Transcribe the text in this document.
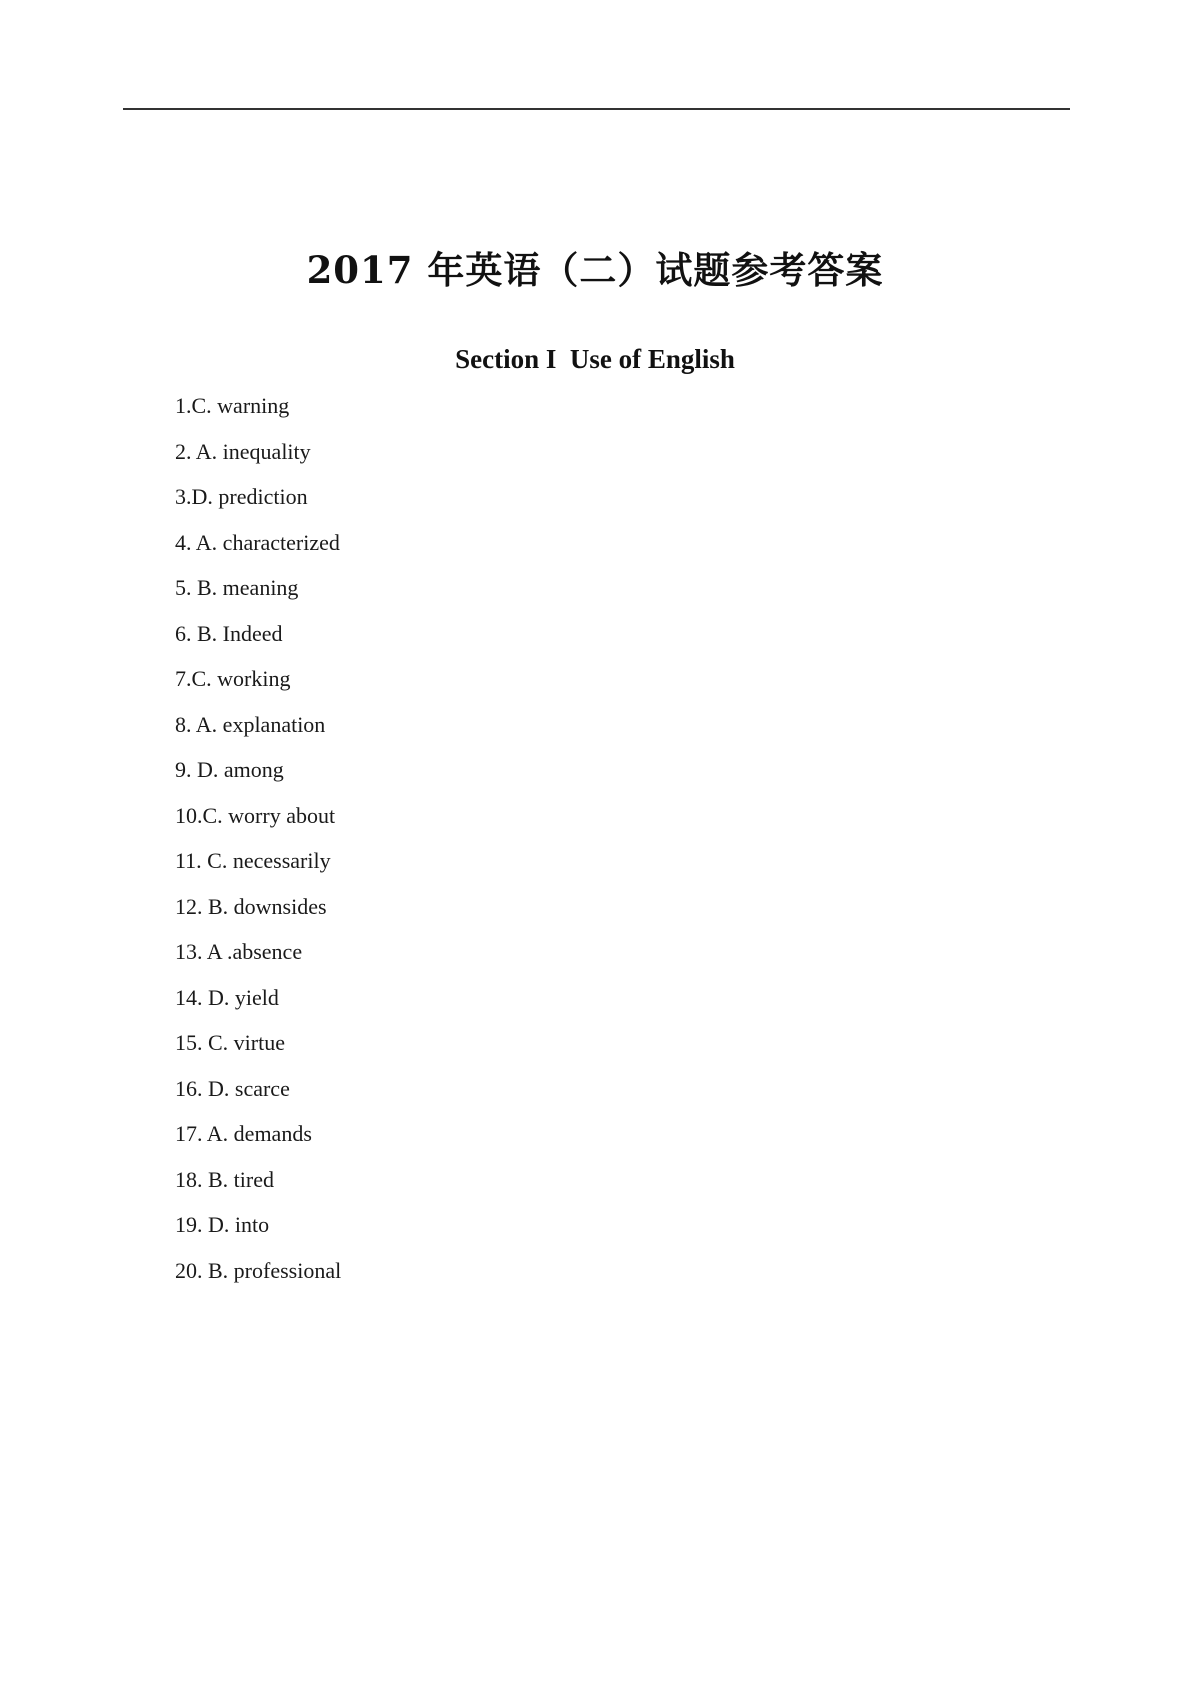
2017 年英语（二）试题参考答案
Section I  Use of English
1.C. warning
2. A. inequality
3.D. prediction
4. A. characterized
5. B. meaning
6. B. Indeed
7.C. working
8. A. explanation
9. D. among
10.C. worry about
11. C. necessarily
12. B. downsides
13. A .absence
14. D. yield
15. C. virtue
16. D. scarce
17. A. demands
18. B. tired
19. D. into
20. B. professional
